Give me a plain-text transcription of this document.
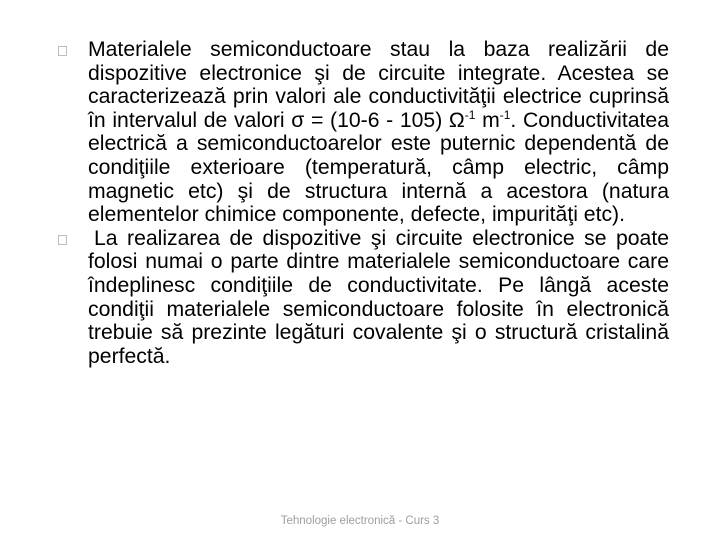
Materialele semiconductoare stau la baza realizării de dispozitive electronice şi de circuite integrate. Acestea se caracterizează prin valori ale conductivităţii electrice cuprinsă în intervalul de valori σ = (10-6 - 105) $\Omega^{-1}$ $m^{-1}$. Conductivitatea electrică a semiconductoarelor este puternic dependentă de condiţiile exterioare (temperatură, câmp electric, câmp magnetic etc) şi de structura internă a acestora (natura elementelor chimice componente, defecte, impurităţi etc).

La realizarea de dispozitive şi circuite electronice se poate folosi numai o parte dintre materialele semiconductoare care îndeplinesc condiţiile de conductivitate. Pe lângă aceste condiţii materialele semiconductoare folosite în electronică trebuie să prezinte legături covalente şi o structură cristalină perfectă.

Tehnologie electronică - Curs 3
